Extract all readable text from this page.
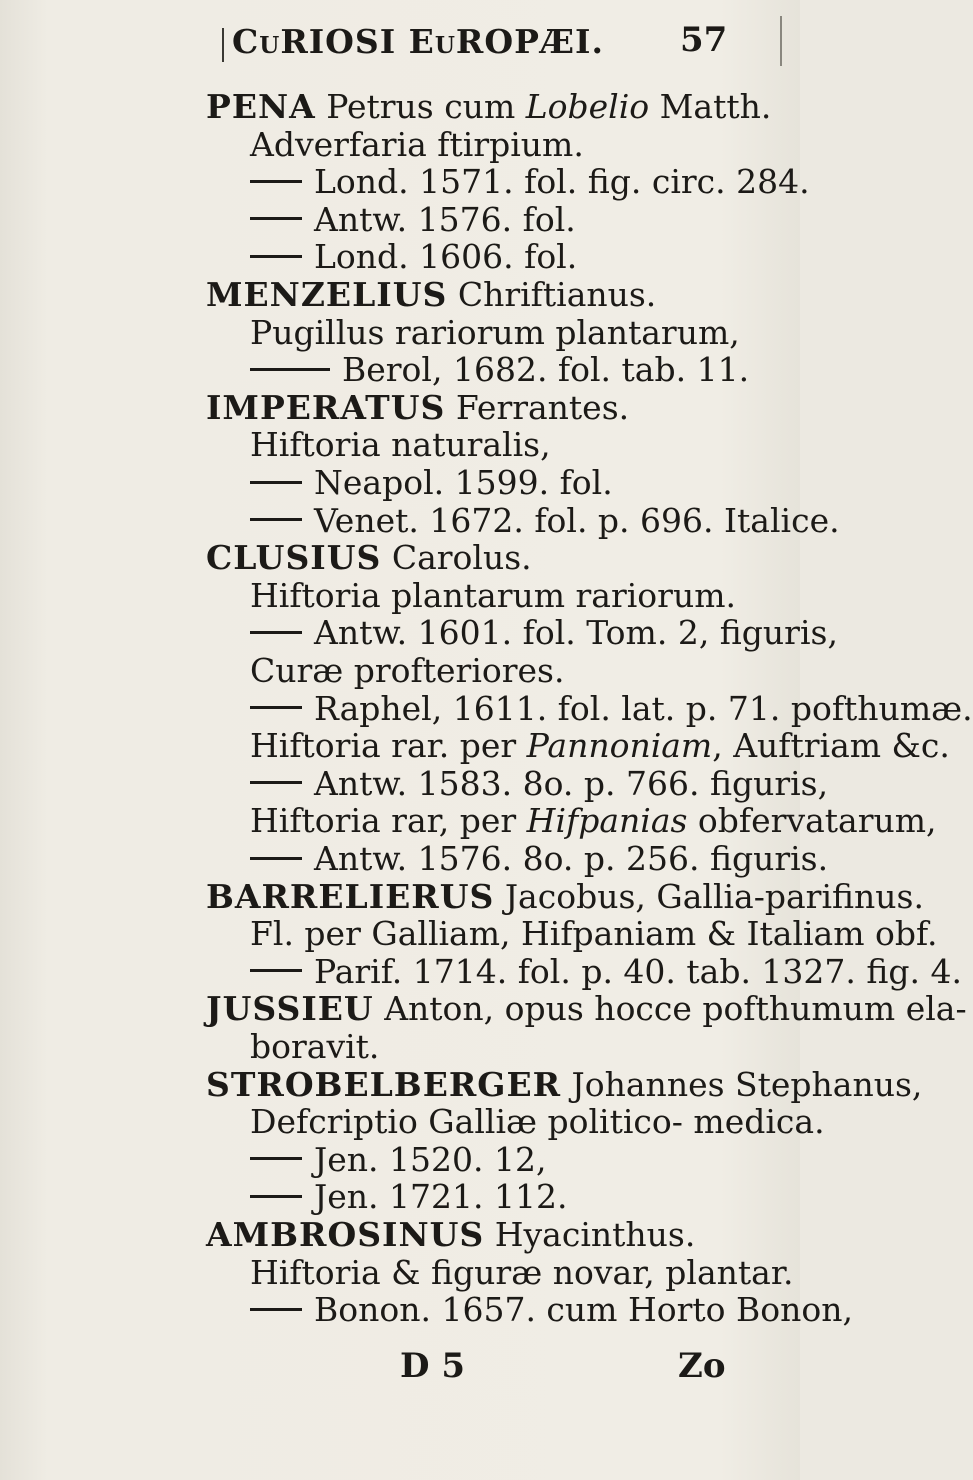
CuRIOSI EuROPÆI. 57
PENA Petrus cum Lobelio Matth.
Adverfaria ftirpium.
Lond. 1571. fol. fig. circ. 284.
Antw. 1576. fol.
Lond. 1606. fol.
MENZELIUS Chriftianus.
Pugillus rariorum plantarum,
Berol, 1682. fol. tab. 11.
IMPERATUS Ferrantes.
Hiftoria naturalis,
Neapol. 1599. fol.
Venet. 1672. fol. p. 696. Italice.
CLUSIUS Carolus.
Hiftoria plantarum rariorum.
Antw. 1601. fol. Tom. 2, figuris,
Curæ profteriores.
Raphel, 1611. fol. lat. p. 71. pofthumæ.
Hiftoria rar. per Pannoniam, Auftriam &c.
Antw. 1583. 8o. p. 766. figuris,
Hiftoria rar, per Hifpanias obfervatarum,
Antw. 1576. 8o. p. 256. figuris.
BARRELIERUS Jacobus, Gallia-parifinus.
Fl. per Galliam, Hifpaniam & Italiam obf.
Parif. 1714. fol. p. 40. tab. 1327. fig. 4.
JUSSIEU Anton, opus hocce pofthumum ela-
boravit.
STROBELBERGER Johannes Stephanus,
Defcriptio Galliæ politico- medica.
Jen. 1520. 12,
Jen. 1721. 112.
AMBROSINUS Hyacinthus.
Hiftoria & figuræ novar, plantar.
Bonon. 1657. cum Horto Bonon,
D 5	Zo
